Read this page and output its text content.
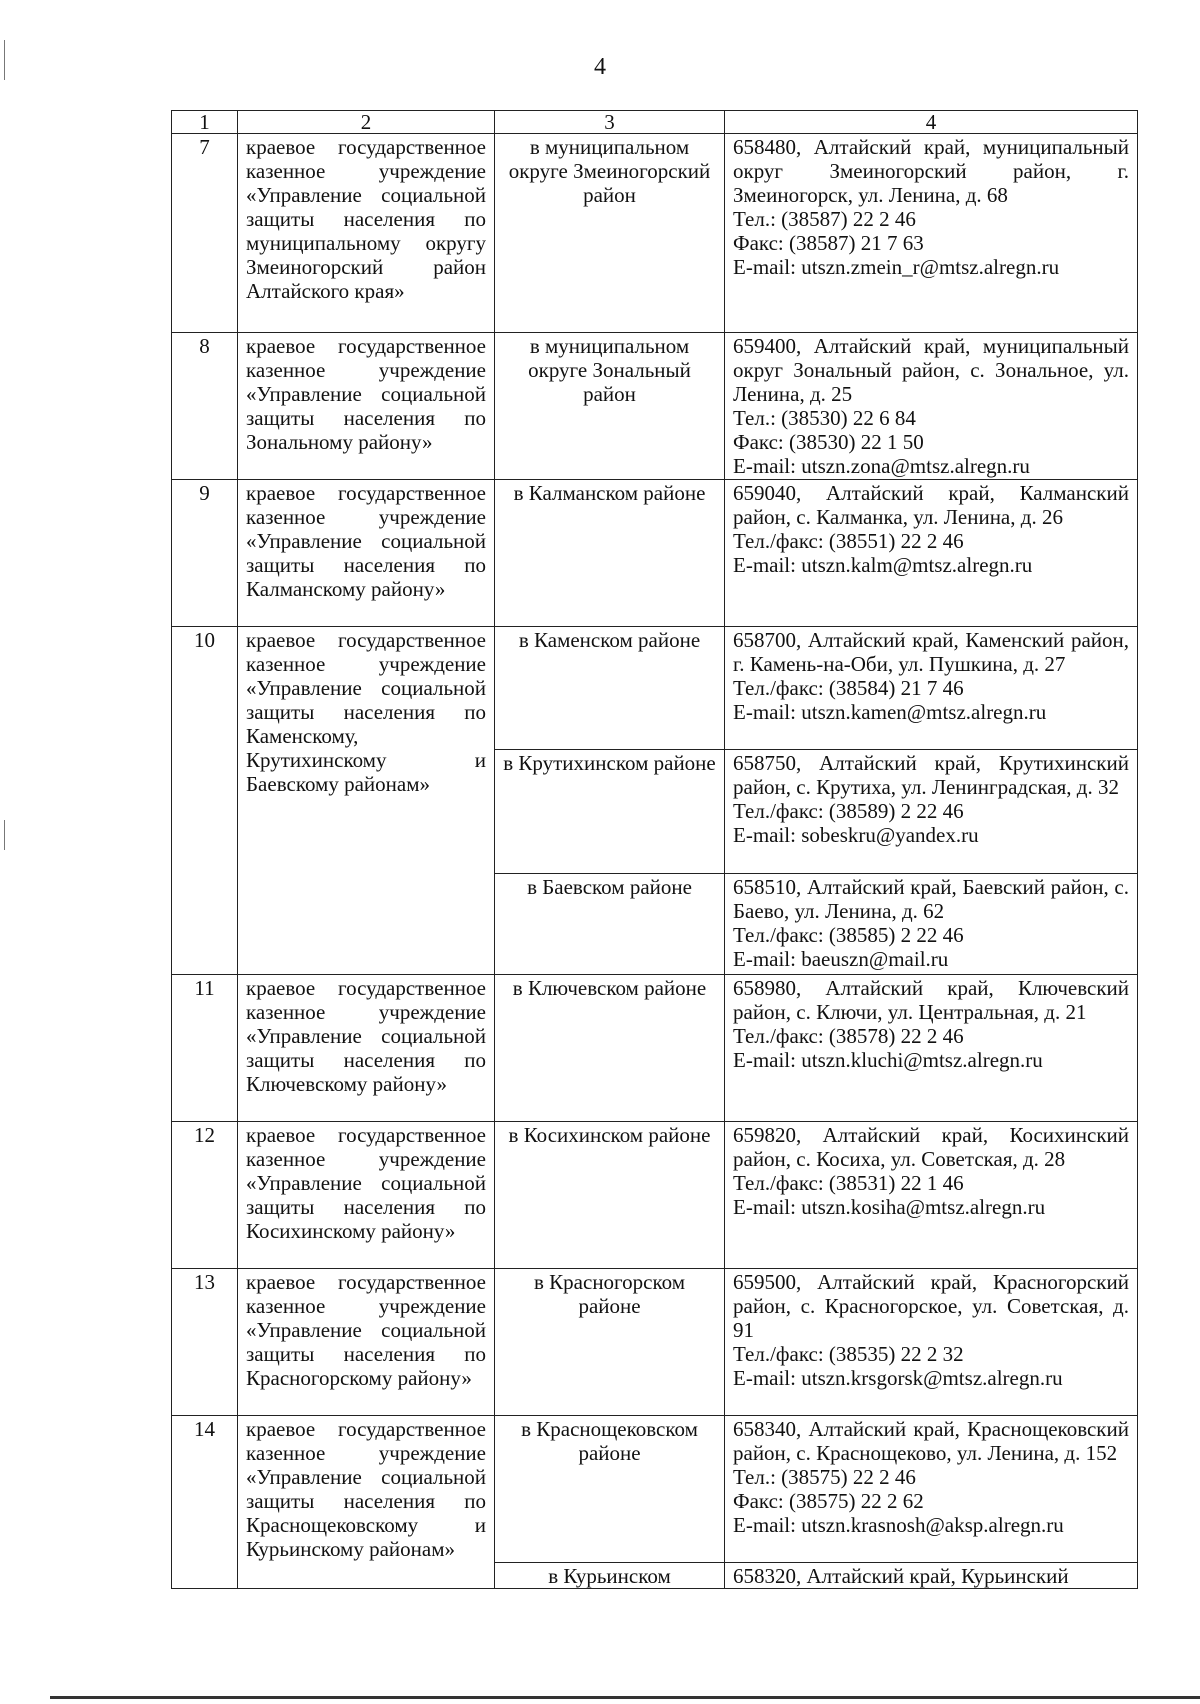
4
1	2	3	4
7	краевое государственное казенное учреждение «Управление социальной защиты населения по муниципальному округу Змеиногорский район Алтайского края»	в муниципальном округе Змеиногорский район	658480, Алтайский край, муниципальный округ Змеиногорский район, г. Змеиногорск, ул. Ленина, д. 68
Тел.: (38587) 22 2 46
Факс: (38587) 21 7 63
E-mail: utszn.zmein_r@mtsz.alregn.ru

8	краевое государственное казенное учреждение «Управление социальной защиты населения по Зональному району»	в муниципальном округе Зональный район	659400, Алтайский край, муниципальный округ Зональный район, с. Зональное, ул. Ленина, д. 25
Тел.: (38530) 22 6 84
Факс: (38530) 22 1 50
E-mail: utszn.zona@mtsz.alregn.ru

9	краевое государственное казенное учреждение «Управление социальной защиты населения по Калманскому району»	в Калманском районе	659040, Алтайский край, Калманский район, с. Калманка, ул. Ленина, д. 26
Тел./факс: (38551) 22 2 46
E-mail: utszn.kalm@mtsz.alregn.ru

10	краевое государственное казенное учреждение «Управление социальной защиты населения по Каменскому, Крутихинскому и Баевскому районам»	в Каменском районе	658700, Алтайский край, Каменский район, г. Камень-на-Оби, ул. Пушкина, д. 27
Тел./факс: (38584) 21 7 46
E-mail: utszn.kamen@mtsz.alregn.ru

		в Крутихинском районе	658750, Алтайский край, Крутихинский район, с. Крутиха, ул. Ленинградская, д. 32
Тел./факс: (38589) 2 22 46
E-mail: sobeskru@yandex.ru

		в Баевском районе	658510, Алтайский край, Баевский район, с. Баево, ул. Ленина, д. 62
Тел./факс: (38585) 2 22 46
E-mail: baeuszn@mail.ru

11	краевое государственное казенное учреждение «Управление социальной защиты населения по Ключевскому району»	в Ключевском районе	658980, Алтайский край, Ключевский район, с. Ключи, ул. Центральная, д. 21
Тел./факс: (38578) 22 2 46
E-mail: utszn.kluchi@mtsz.alregn.ru

12	краевое государственное казенное учреждение «Управление социальной защиты населения по Косихинскому району»	в Косихинском районе	659820, Алтайский край, Косихинский район, с. Косиха, ул. Советская, д. 28
Тел./факс: (38531) 22 1 46
E-mail: utszn.kosiha@mtsz.alregn.ru

13	краевое государственное казенное учреждение «Управление социальной защиты населения по Красногорскому району»	в Красногорском районе	659500, Алтайский край, Красногорский район, с. Красногорское, ул. Советская, д. 91
Тел./факс: (38535) 22 2 32
E-mail: utszn.krsgorsk@mtsz.alregn.ru

14	краевое государственное казенное учреждение «Управление социальной защиты населения по Краснощековскому и Курьинскому районам»	в Краснощековском районе	658340, Алтайский край, Краснощековский район, с. Краснощеково, ул. Ленина, д. 152
Тел.: (38575) 22 2 46
Факс: (38575) 22 2 62
E-mail: utszn.krasnosh@aksp.alregn.ru

		в Курьинском	658320, Алтайский край, Курьинский
